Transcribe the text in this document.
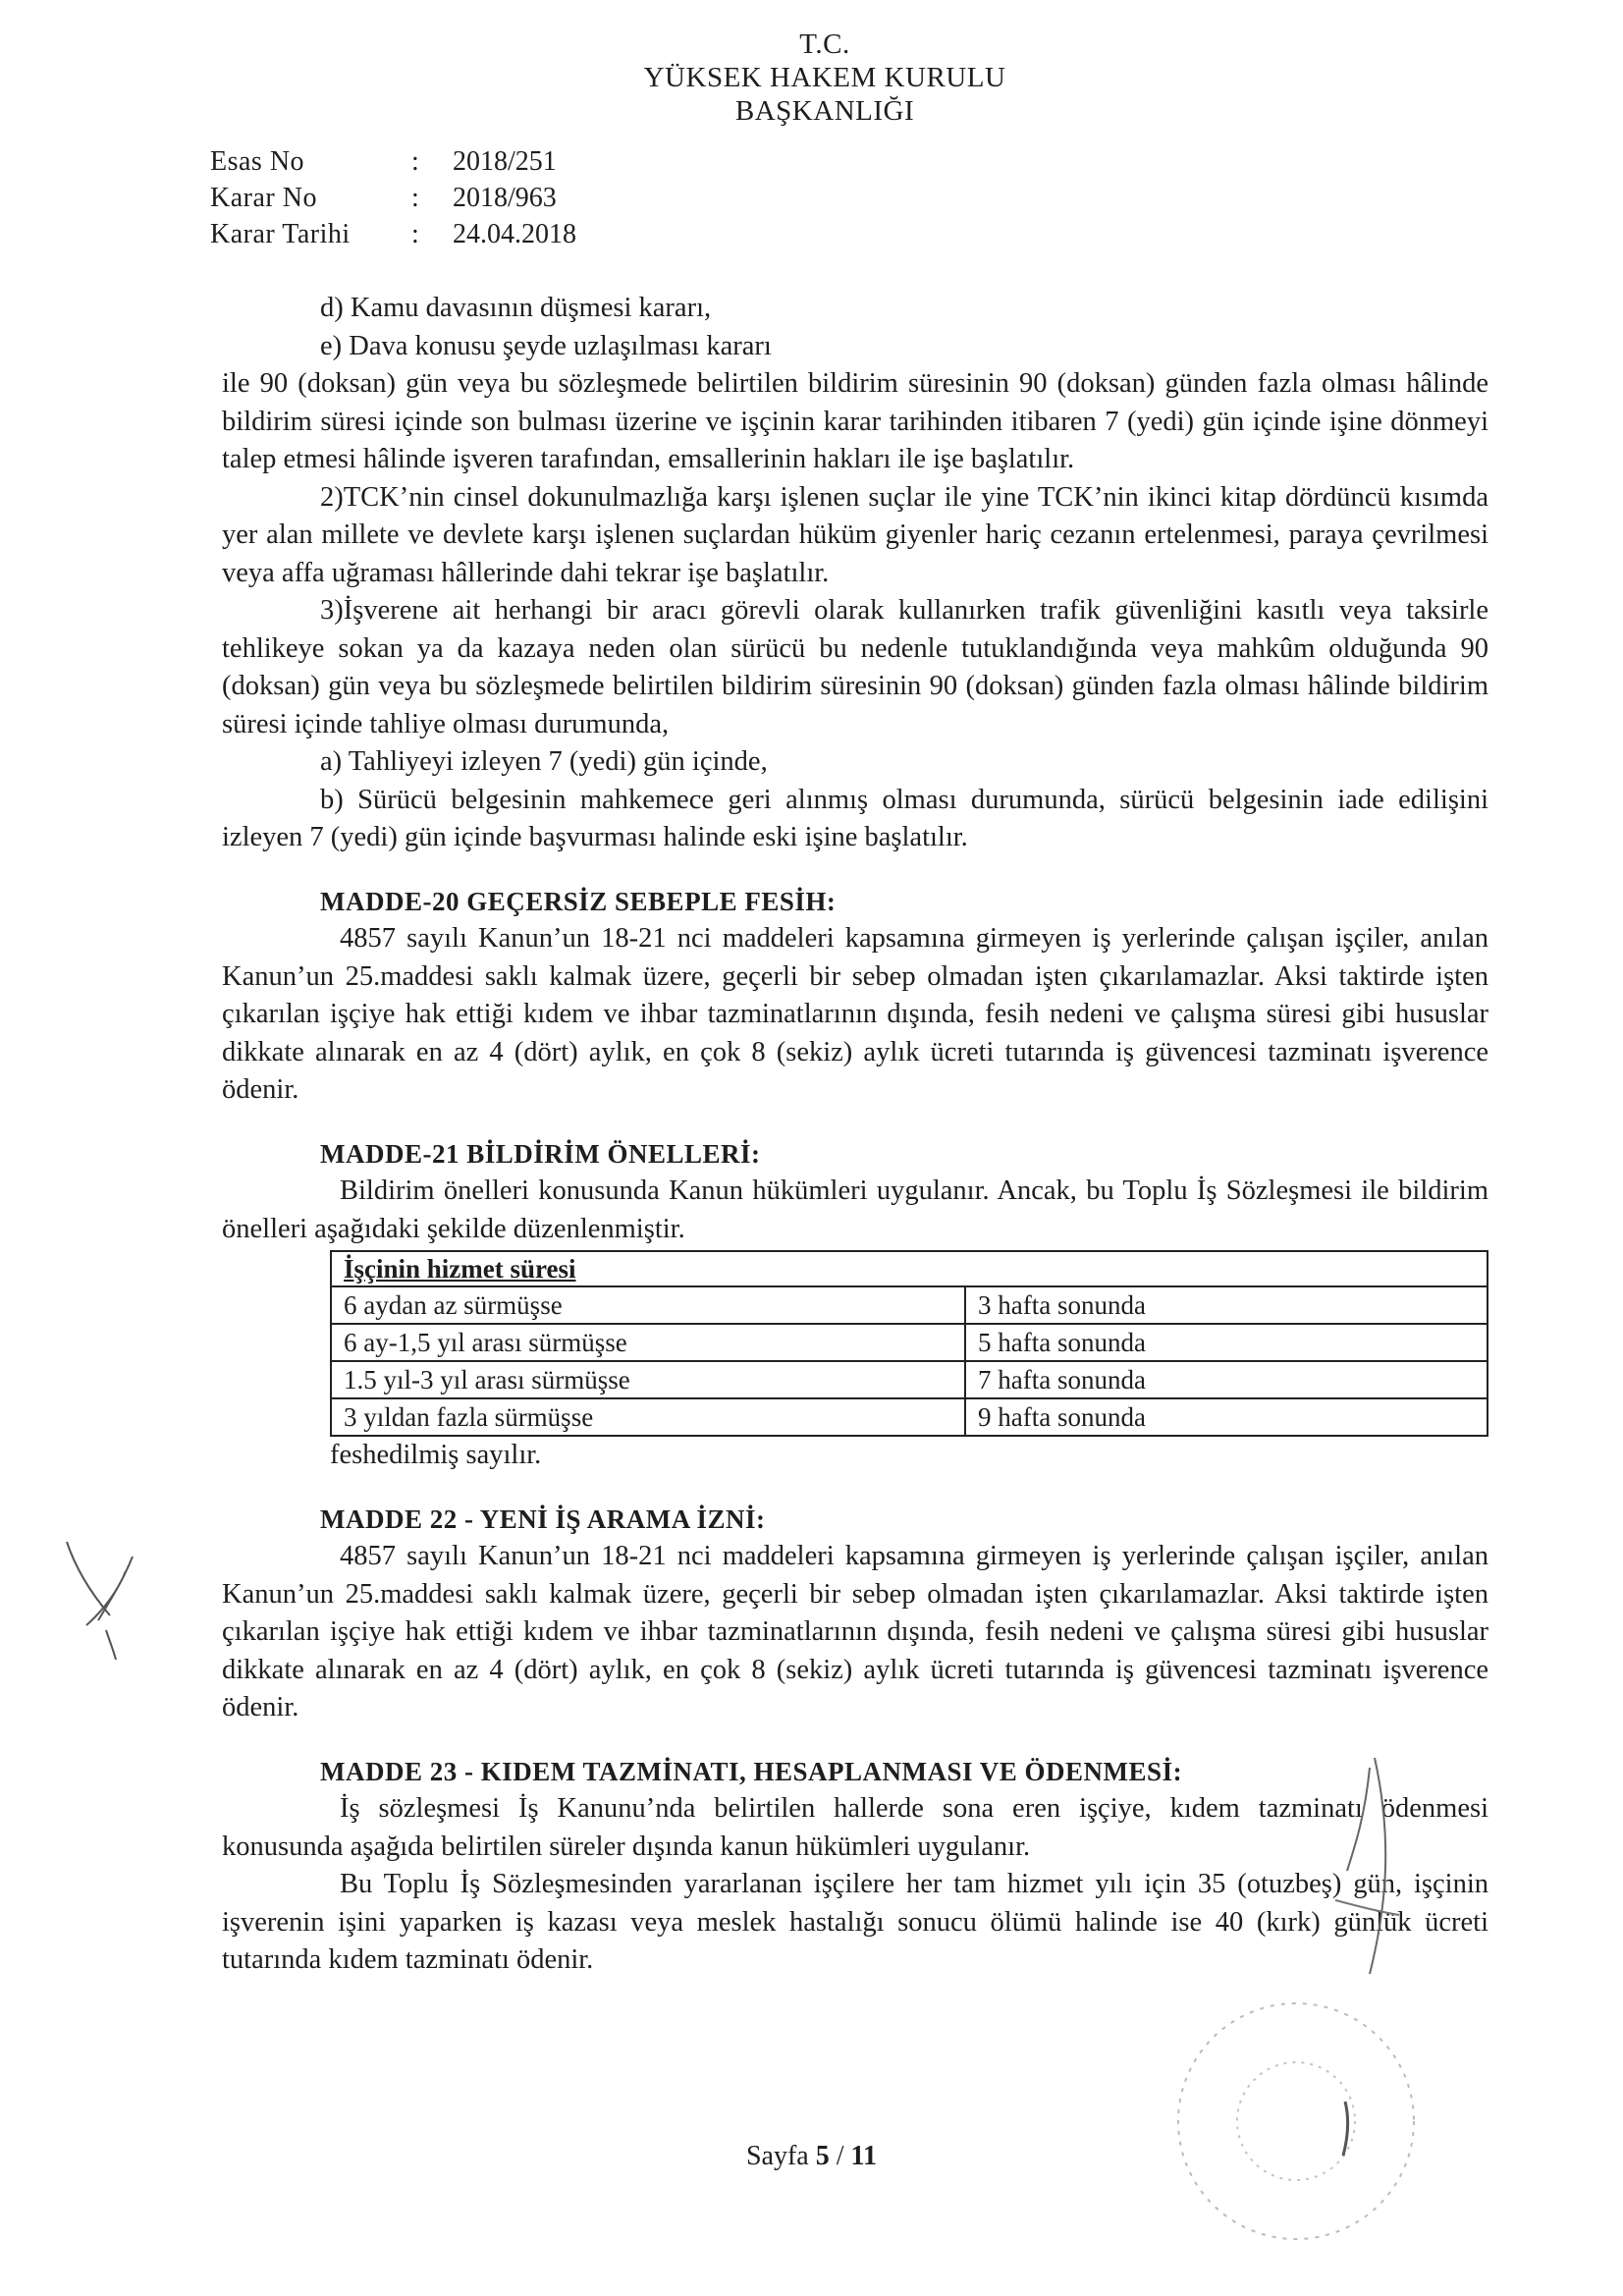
T.C.
YÜKSEK HAKEM KURULU
BAŞKANLIĞI
Esas No	:	2018/251
Karar No	:	2018/963
Karar Tarihi	:	24.04.2018

d) Kamu davasının düşmesi kararı,

e) Dava konusu şeyde uzlaşılması kararı

ile 90 (doksan) gün veya bu sözleşmede belirtilen bildirim süresinin 90 (doksan) günden fazla olması hâlinde bildirim süresi içinde son bulması üzerine ve işçinin karar tarihinden itibaren 7 (yedi) gün içinde işine dönmeyi talep etmesi hâlinde işveren tarafından, emsallerinin hakları ile işe başlatılır.

2)TCK’nin cinsel dokunulmazlığa karşı işlenen suçlar ile yine TCK’nin ikinci kitap dördüncü kısımda yer alan millete ve devlete karşı işlenen suçlardan hüküm giyenler hariç cezanın ertelenmesi, paraya çevrilmesi veya affa uğraması hâllerinde dahi tekrar işe başlatılır.

3)İşverene ait herhangi bir aracı görevli olarak kullanırken trafik güvenliğini kasıtlı veya taksirle tehlikeye sokan ya da kazaya neden olan sürücü bu nedenle tutuklandığında veya mahkûm olduğunda 90 (doksan) gün veya bu sözleşmede belirtilen bildirim süresinin 90 (doksan) günden fazla olması hâlinde bildirim süresi içinde tahliye olması durumunda,

a) Tahliyeyi izleyen 7 (yedi) gün içinde,

b) Sürücü belgesinin mahkemece geri alınmış olması durumunda, sürücü belgesinin iade edilişini izleyen 7 (yedi) gün içinde başvurması halinde eski işine başlatılır.

MADDE-20 GEÇERSİZ SEBEPLE FESİH:

4857 sayılı Kanun’un 18-21 nci maddeleri kapsamına girmeyen iş yerlerinde çalışan işçiler, anılan Kanun’un 25.maddesi saklı kalmak üzere, geçerli bir sebep olmadan işten çıkarılamazlar. Aksi taktirde işten çıkarılan işçiye hak ettiği kıdem ve ihbar tazminatlarının dışında, fesih nedeni ve çalışma süresi gibi hususlar dikkate alınarak en az 4 (dört) aylık, en çok 8 (sekiz) aylık ücreti tutarında iş güvencesi tazminatı işverence ödenir.

MADDE-21 BİLDİRİM ÖNELLERİ:

Bildirim önelleri konusunda Kanun hükümleri uygulanır. Ancak, bu Toplu İş Sözleşmesi ile bildirim önelleri aşağıdaki şekilde düzenlenmiştir.

İşçinin hizmet süresi	
6 aydan az sürmüşse	3 hafta sonunda
6 ay-1,5 yıl arası sürmüşse	5 hafta sonunda
1.5 yıl-3 yıl arası sürmüşse	7 hafta sonunda
3 yıldan fazla sürmüşse	9 hafta sonunda

feshedilmiş sayılır.

MADDE 22 - YENİ İŞ ARAMA İZNİ:

4857 sayılı Kanun’un 18-21 nci maddeleri kapsamına girmeyen iş yerlerinde çalışan işçiler, anılan Kanun’un 25.maddesi saklı kalmak üzere, geçerli bir sebep olmadan işten çıkarılamazlar. Aksi taktirde işten çıkarılan işçiye hak ettiği kıdem ve ihbar tazminatlarının dışında, fesih nedeni ve çalışma süresi gibi hususlar dikkate alınarak en az 4 (dört) aylık, en çok 8 (sekiz) aylık ücreti tutarında iş güvencesi tazminatı işverence ödenir.

MADDE 23 - KIDEM TAZMİNATI, HESAPLANMASI VE ÖDENMESİ:

İş sözleşmesi İş Kanunu’nda belirtilen hallerde sona eren işçiye, kıdem tazminatı ödenmesi konusunda aşağıda belirtilen süreler dışında kanun hükümleri uygulanır.

Bu Toplu İş Sözleşmesinden yararlanan işçilere her tam hizmet yılı için 35 (otuzbeş) gün, işçinin işverenin işini yaparken iş kazası veya meslek hastalığı sonucu ölümü halinde ise 40 (kırk) günlük ücreti tutarında kıdem tazminatı ödenir.

Sayfa 5 / 11
